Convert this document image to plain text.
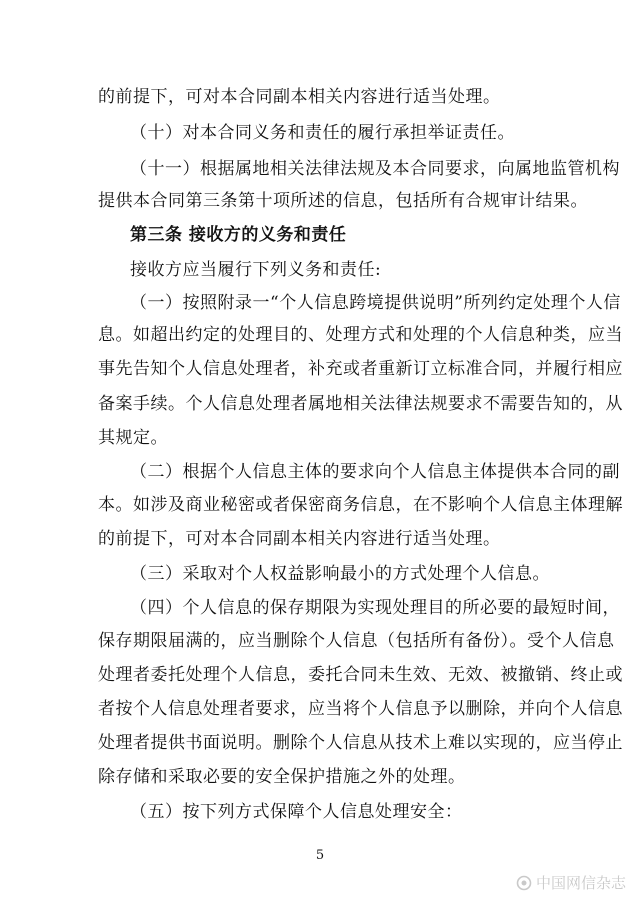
的前提下，可对本合同副本相关内容进行适当处理。
（十）对本合同义务和责任的履行承担举证责任。
（十一）根据属地相关法律法规及本合同要求，向属地监管机构
提供本合同第三条第十项所述的信息，包括所有合规审计结果。
第三条 接收方的义务和责任
接收方应当履行下列义务和责任:
（一）按照附录一“个人信息跨境提供说明”所列约定处理个人信
息。如超出约定的处理目的、处理方式和处理的个人信息种类，应当
事先告知个人信息处理者，补充或者重新订立标准合同，并履行相应
备案手续。个人信息处理者属地相关法律法规要求不需要告知的，从
其规定。
（二）根据个人信息主体的要求向个人信息主体提供本合同的副
本。如涉及商业秘密或者保密商务信息，在不影响个人信息主体理解
的前提下，可对本合同副本相关内容进行适当处理。
（三）采取对个人权益影响最小的方式处理个人信息。
（四）个人信息的保存期限为实现处理目的所必要的最短时间，
保存期限届满的，应当删除个人信息（包括所有备份）。受个人信息
处理者委托处理个人信息，委托合同未生效、无效、被撤销、终止或
者按个人信息处理者要求，应当将个人信息予以删除，并向个人信息
处理者提供书面说明。删除个人信息从技术上难以实现的，应当停止
除存储和采取必要的安全保护措施之外的处理。
（五）按下列方式保障个人信息处理安全：
5
中国网信杂志
